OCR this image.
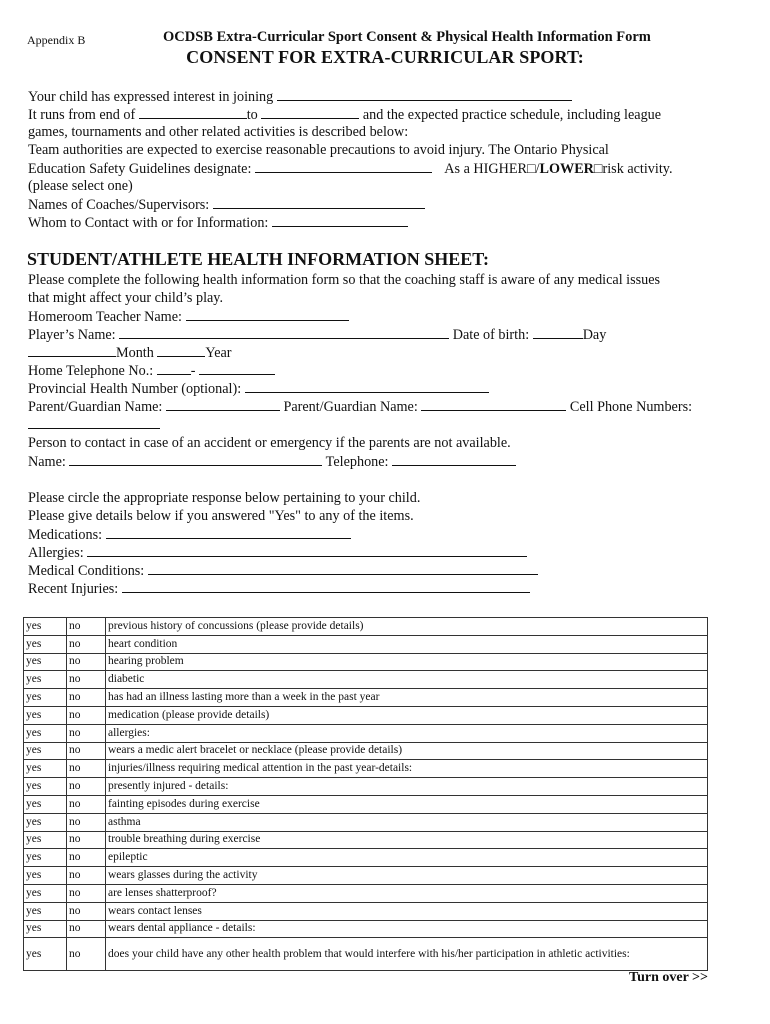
Appendix B	OCDSB Extra-Curricular Sport Consent & Physical Health Information Form
CONSENT FOR EXTRA-CURRICULAR SPORT:
Your child has expressed interest in joining
It runs from end of	to	and the expected practice schedule, including league
games, tournaments and other related activities is described below:
Team authorities are expected to exercise reasonable precautions to avoid injury. The Ontario Physical
Education Safety Guidelines designate:	As a HIGHER□/LOWER□risk activity.
(please select one)
Names of Coaches/Supervisors:
Whom to Contact with or for Information:
STUDENT/ATHLETE HEALTH INFORMATION SHEET:
Please complete the following health information form so that the coaching staff is aware of any medical issues
that might affect your child’s play.
Homeroom Teacher Name:
Player’s Name:	Date of birth:	Day
Month	Year
Home Telephone No.:	-
Provincial Health Number (optional):
Parent/Guardian Name:	Parent/Guardian Name:	Cell Phone Numbers:
Person to contact in case of an accident or emergency if the parents are not available.
Name:	Telephone:
Please circle the appropriate response below pertaining to your child.
Please give details below if you answered "Yes" to any of the items.
Medications:
Allergies:
Medical Conditions:
Recent Injuries:
yes	no	previous history of concussions (please provide details)
yes	no	heart condition
yes	no	hearing problem
yes	no	diabetic
yes	no	has had an illness lasting more than a week in the past year
yes	no	medication (please provide details)
yes	no	allergies:
yes	no	wears a medic alert bracelet or necklace (please provide details)
yes	no	injuries/illness requiring medical attention in the past year-details:
yes	no	presently injured - details:
yes	no	fainting episodes during exercise
yes	no	asthma
yes	no	trouble breathing during exercise
yes	no	epileptic
yes	no	wears glasses during the activity
yes	no	are lenses shatterproof?
yes	no	wears contact lenses
yes	no	wears dental appliance - details:
yes	no	does your child have any other health problem that would interfere with his/her participation in athletic activities:
Turn over >>
